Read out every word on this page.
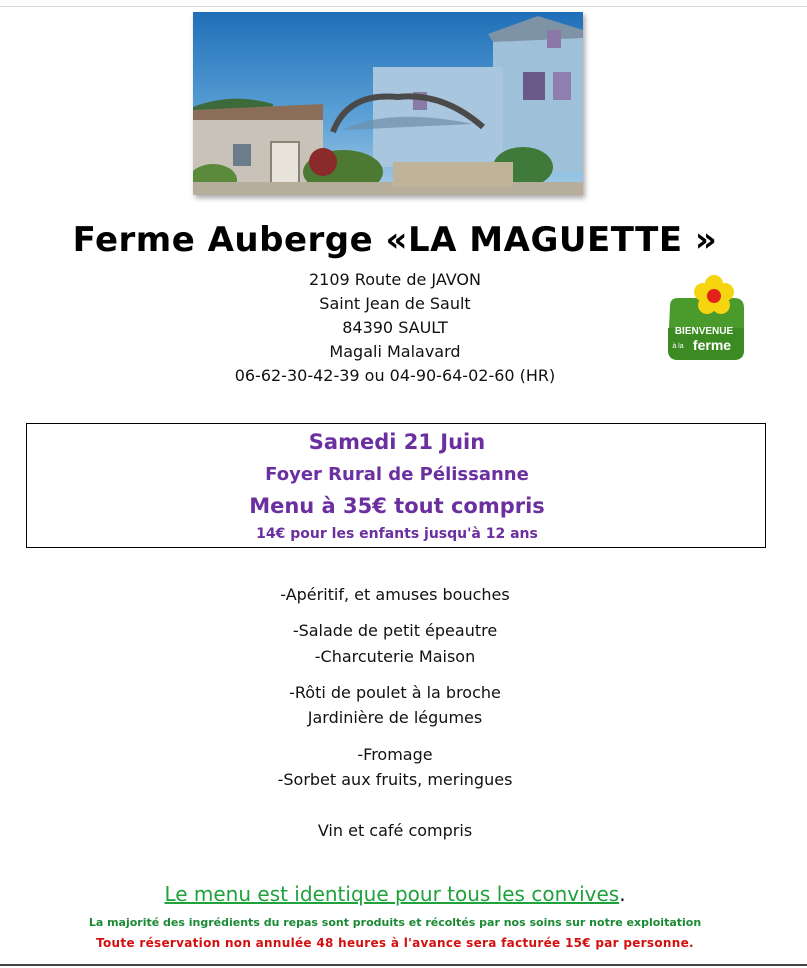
Ferme Auberge «LA MAGUETTE »
2109 Route de JAVON
Saint Jean de Sault
84390 SAULT
Magali Malavard
06-62-30-42-39 ou 04-90-64-02-60 (HR)
BIENVENUE
à la ferme
Samedi 21 Juin
Foyer Rural de Pélissanne
Menu à 35€ tout compris
14€ pour les enfants jusqu'à 12 ans
-Apéritif, et amuses bouches
-Salade de petit épeautre
-Charcuterie Maison
-Rôti de poulet à la broche
Jardinière de légumes
-Fromage
-Sorbet aux fruits, meringues
Vin et café compris
Le menu est identique pour tous les convives.
La majorité des ingrédients du repas sont produits et récoltés par nos soins sur notre exploitation
Toute réservation non annulée 48 heures à l'avance sera facturée 15€ par personne.
